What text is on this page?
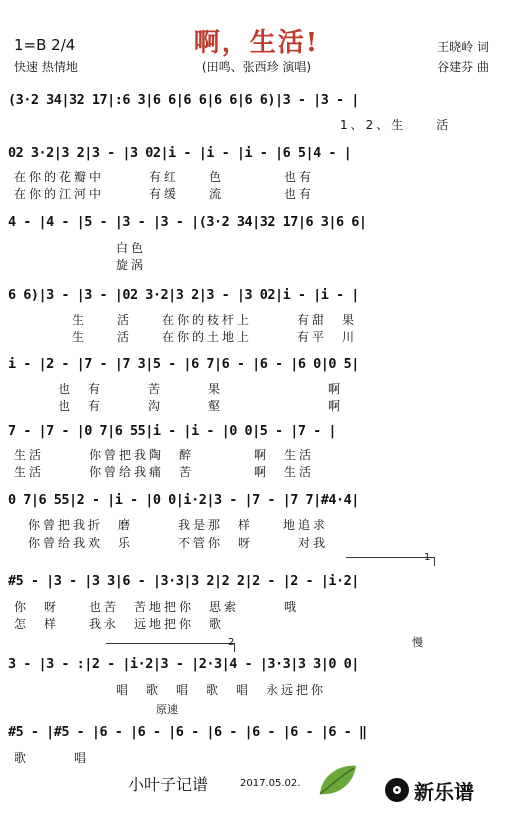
啊，生活!
1=B 2/4
快速 热情地	(田鸣、张西珍 演唱)
王晓岭 词
谷建芬 曲
(3·2 34|32 17|:6 3|6 6|6 6|6 6|6 6)|3 - |3 - |
1、2、生　　活
02 3·2|3 2|3 - |3 02|i - |i - |i - |6 5|4 - |
在你的花瓣中　　　有红　　色　　　　也有
在你的江河中　　　有缓　　流　　　　也有
4 - |4 - |5 - |3 - |3 - |(3·2 34|32 17|6 3|6 6|
白色
旋涡
6 6)|3 - |3 - |02 3·2|3 2|3 - |3 02|i - |i - |
生　　活　　在你的枝杆上　　　有甜　果
生　　活　　在你的土地上　　　有平　川
i - |2 - |7 - |7 3|5 - |6 7|6 - |6 - |6 0|0 5|
也　有　　　苦　　　果　　　　　　　啊
也　有　　　沟　　　壑　　　　　　　啊
7 - |7 - |0 7|6 55|i - |i - |0 0|5 - |7 - |
生活　　　你曾把我陶　醉　　　　啊　生活
生活　　　你曾给我痛　苦　　　　啊　生活
0 7|6 55|2 - |i - |0 0|i·2|3 - |7 - |7 7|#4·4|
你曾把我折　磨　　　我是那　样　　地追求
你曾给我欢　乐　　　不管你　呀　　　对我
1
#5 - |3 - |3 3|6 - |3·3|3 2|2 2|2 - |2 - |i·2|
你　呀　　也苦　苦地把你　思索　　　哦
怎　样　　我永　远地把你　歌
2	慢
3 - |3 - :|2 - |i·2|3 - |2·3|4 - |3·3|3 3|0 0|
唱　歌　唱　歌　唱　永远把你
原速
#5 - |#5 - |6 - |6 - |6 - |6 - |6 - |6 - |6 - ‖
歌　　　唱
小叶子记谱	2017.05.02.	新乐谱
